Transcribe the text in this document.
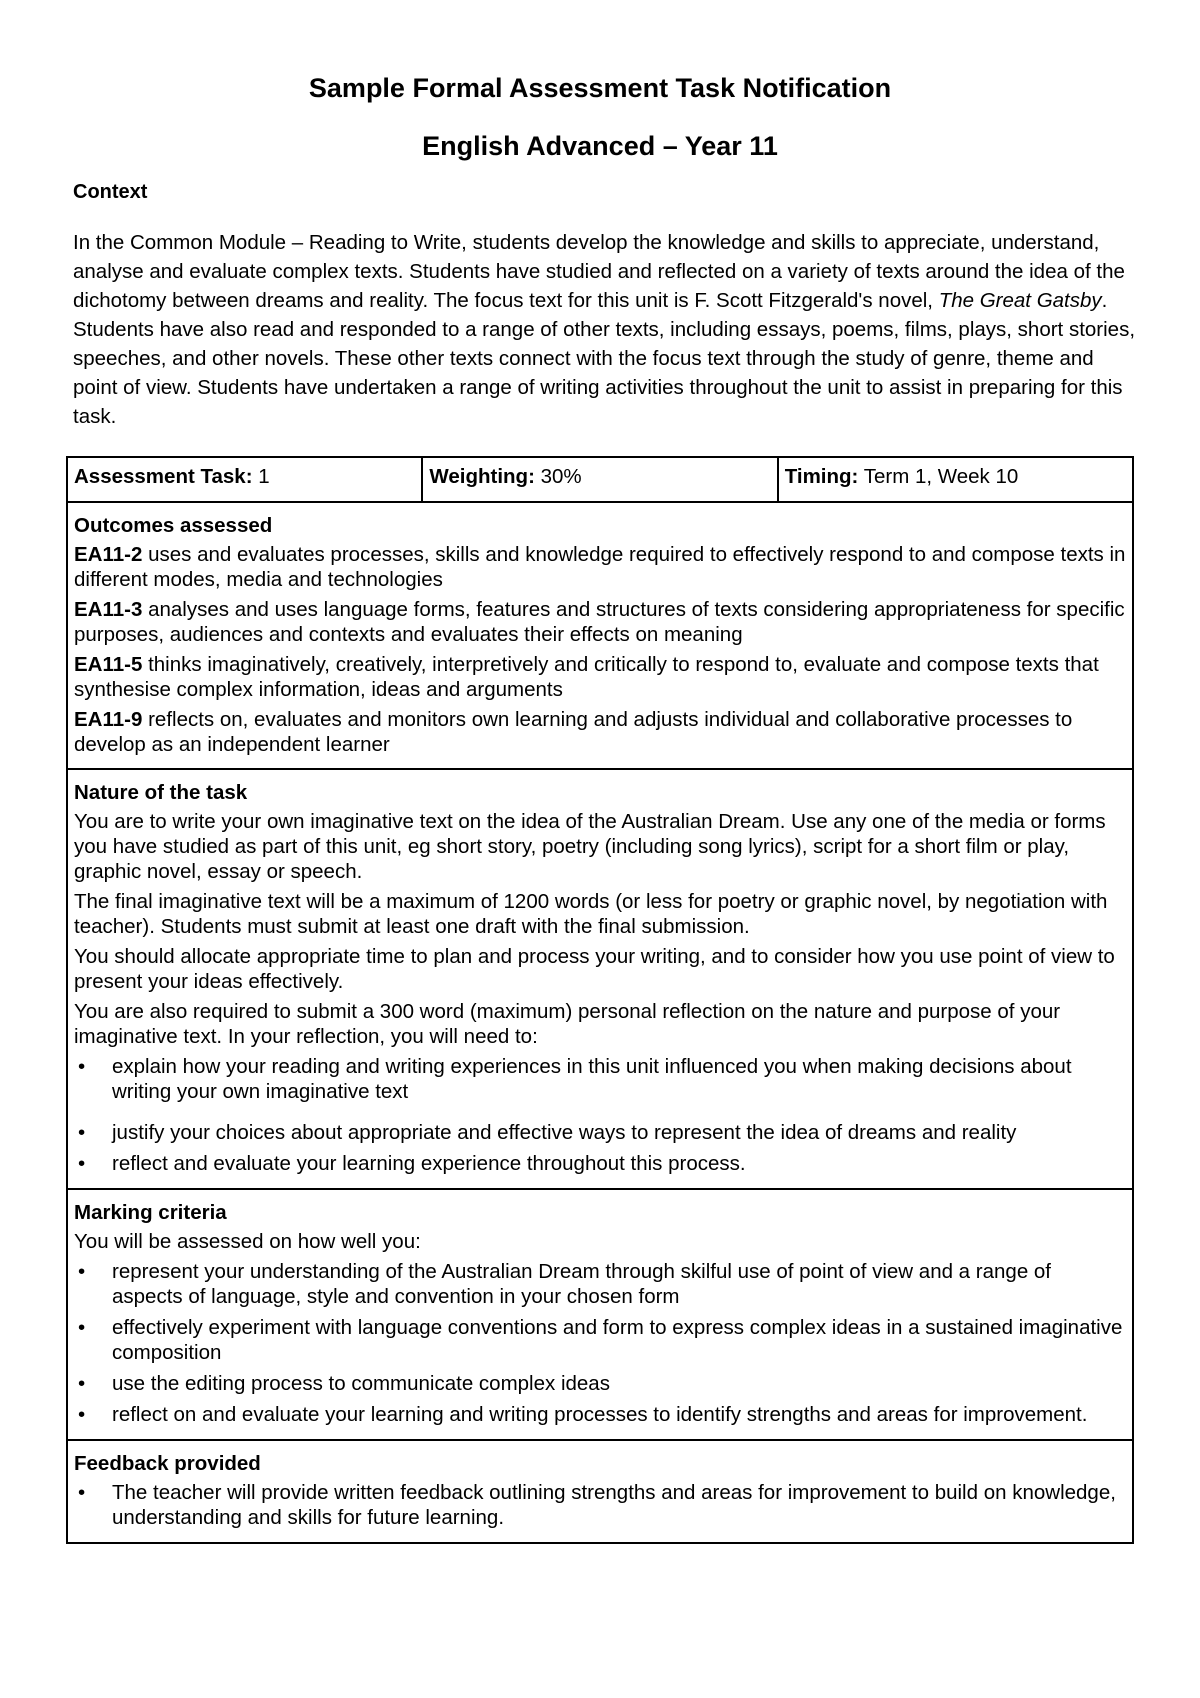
Sample Formal Assessment Task Notification
English Advanced – Year 11

Context

In the Common Module – Reading to Write, students develop the knowledge and skills to appreciate, understand, analyse and evaluate complex texts. Students have studied and reflected on a variety of texts around the idea of the dichotomy between dreams and reality. The focus text for this unit is F. Scott Fitzgerald's novel, The Great Gatsby. Students have also read and responded to a range of other texts, including essays, poems, films, plays, short stories, speeches, and other novels. These other texts connect with the focus text through the study of genre, theme and point of view. Students have undertaken a range of writing activities throughout the unit to assist in preparing for this task.

Assessment Task: 1	Weighting: 30%	Timing: Term 1, Week 10

Outcomes assessed

EA11-2 uses and evaluates processes, skills and knowledge required to effectively respond to and compose texts in different modes, media and technologies

EA11-3 analyses and uses language forms, features and structures of texts considering appropriateness for specific purposes, audiences and contexts and evaluates their effects on meaning

EA11-5 thinks imaginatively, creatively, interpretively and critically to respond to, evaluate and compose texts that synthesise complex information, ideas and arguments

EA11-9 reflects on, evaluates and monitors own learning and adjusts individual and collaborative processes to develop as an independent learner

Nature of the task

You are to write your own imaginative text on the idea of the Australian Dream. Use any one of the media or forms you have studied as part of this unit, eg short story, poetry (including song lyrics), script for a short film or play, graphic novel, essay or speech.

The final imaginative text will be a maximum of 1200 words (or less for poetry or graphic novel, by negotiation with teacher). Students must submit at least one draft with the final submission.

You should allocate appropriate time to plan and process your writing, and to consider how you use point of view to present your ideas effectively.

You are also required to submit a 300 word (maximum) personal reflection on the nature and purpose of your imaginative text. In your reflection, you will need to:

• explain how your reading and writing experiences in this unit influenced you when making decisions about writing your own imaginative text
• justify your choices about appropriate and effective ways to represent the idea of dreams and reality
• reflect and evaluate your learning experience throughout this process.

Marking criteria

You will be assessed on how well you:

• represent your understanding of the Australian Dream through skilful use of point of view and a range of aspects of language, style and convention in your chosen form
• effectively experiment with language conventions and form to express complex ideas in a sustained imaginative composition
• use the editing process to communicate complex ideas
• reflect on and evaluate your learning and writing processes to identify strengths and areas for improvement.

Feedback provided

• The teacher will provide written feedback outlining strengths and areas for improvement to build on knowledge, understanding and skills for future learning.
